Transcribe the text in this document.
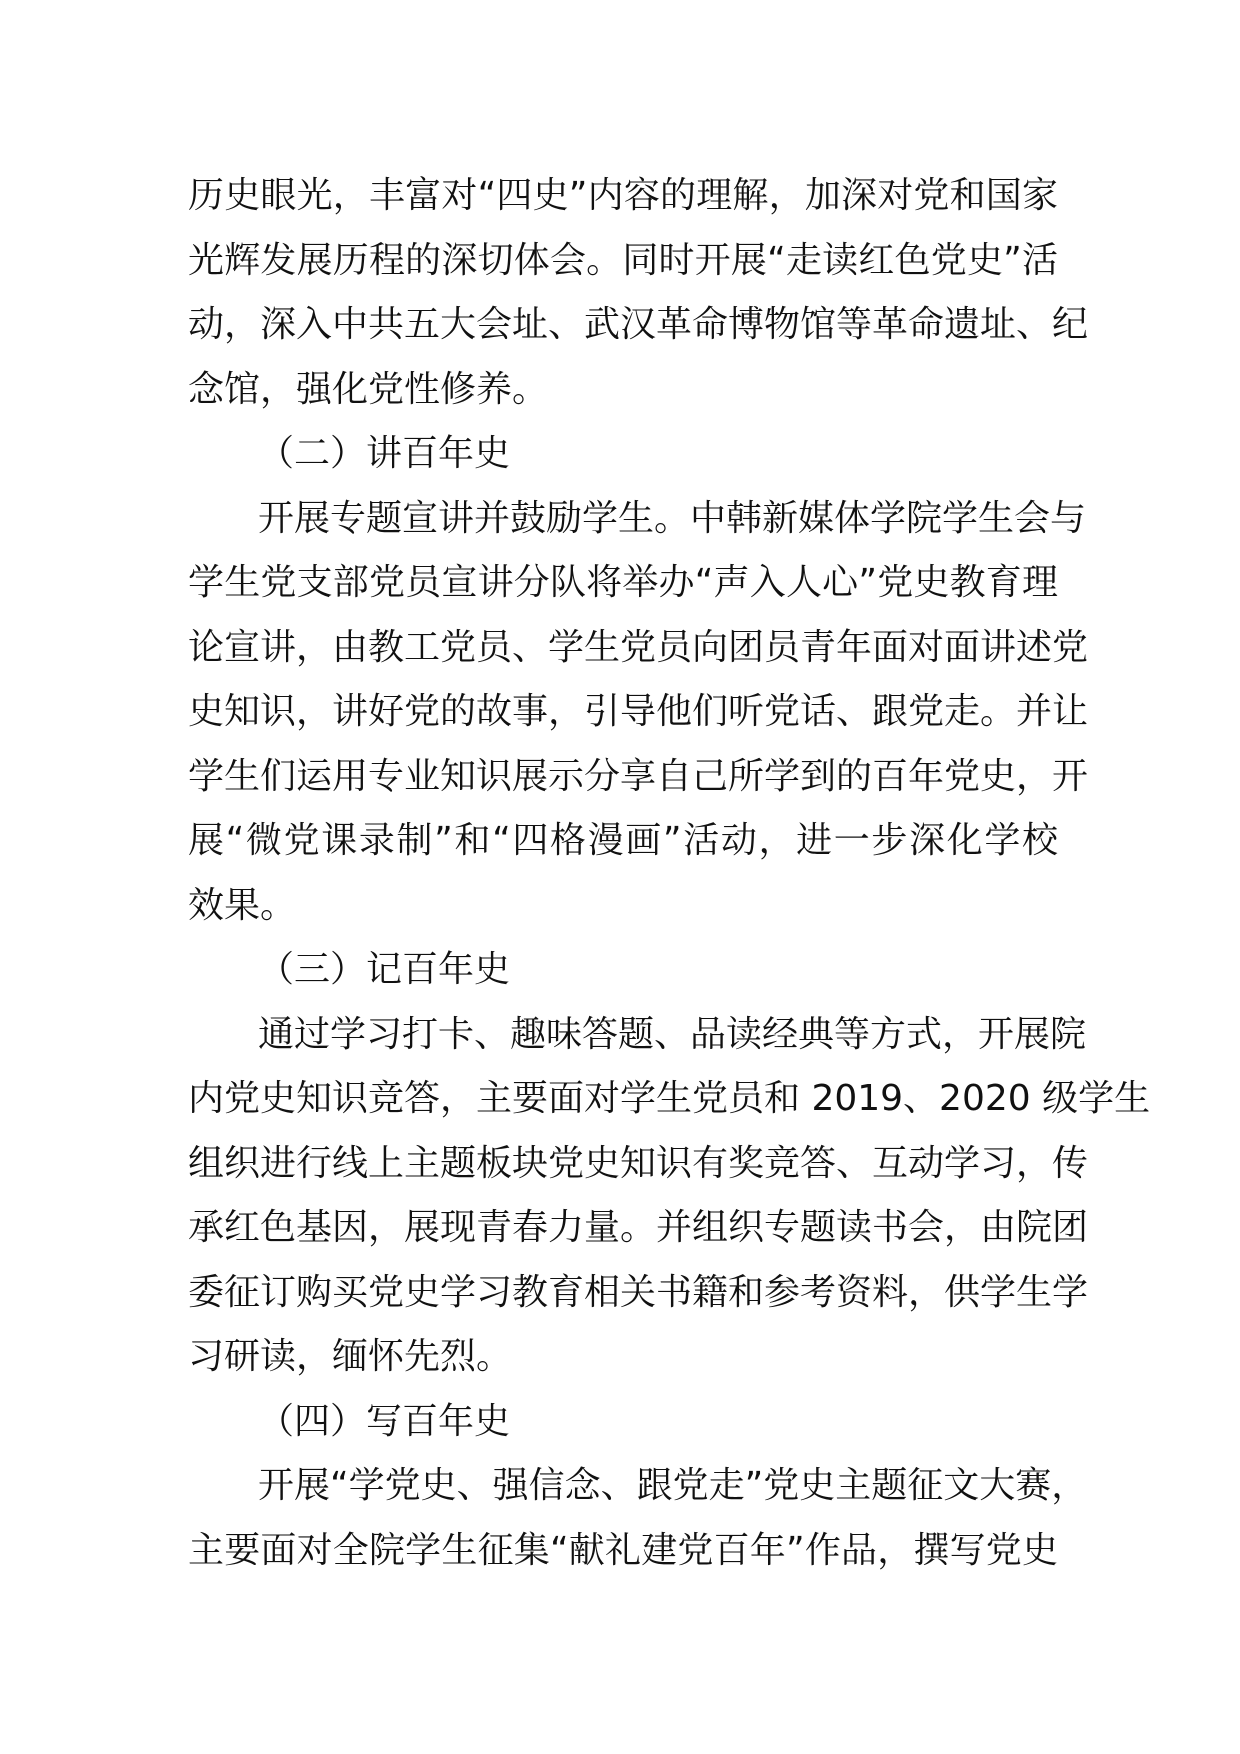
历史眼光，丰富对“四史”内容的理解，加深对党和国家
光辉发展历程的深切体会。同时开展“走读红色党史”活
动，深入中共五大会址、武汉革命博物馆等革命遗址、纪
念馆，强化党性修养。
（二）讲百年史
开展专题宣讲并鼓励学生。中韩新媒体学院学生会与
学生党支部党员宣讲分队将举办“声入人心”党史教育理
论宣讲，由教工党员、学生党员向团员青年面对面讲述党
史知识，讲好党的故事，引导他们听党话、跟党走。并让
学生们运用专业知识展示分享自己所学到的百年党史，开
展“微党课录制”和“四格漫画”活动，进一步深化学校
效果。
（三）记百年史
通过学习打卡、趣味答题、品读经典等方式，开展院
内党史知识竞答，主要面对学生党员和 2019、2020 级学生
组织进行线上主题板块党史知识有奖竞答、互动学习，传
承红色基因，展现青春力量。并组织专题读书会，由院团
委征订购买党史学习教育相关书籍和参考资料，供学生学
习研读，缅怀先烈。
（四）写百年史
开展“学党史、强信念、跟党走”党史主题征文大赛，
主要面对全院学生征集“献礼建党百年”作品，撰写党史
